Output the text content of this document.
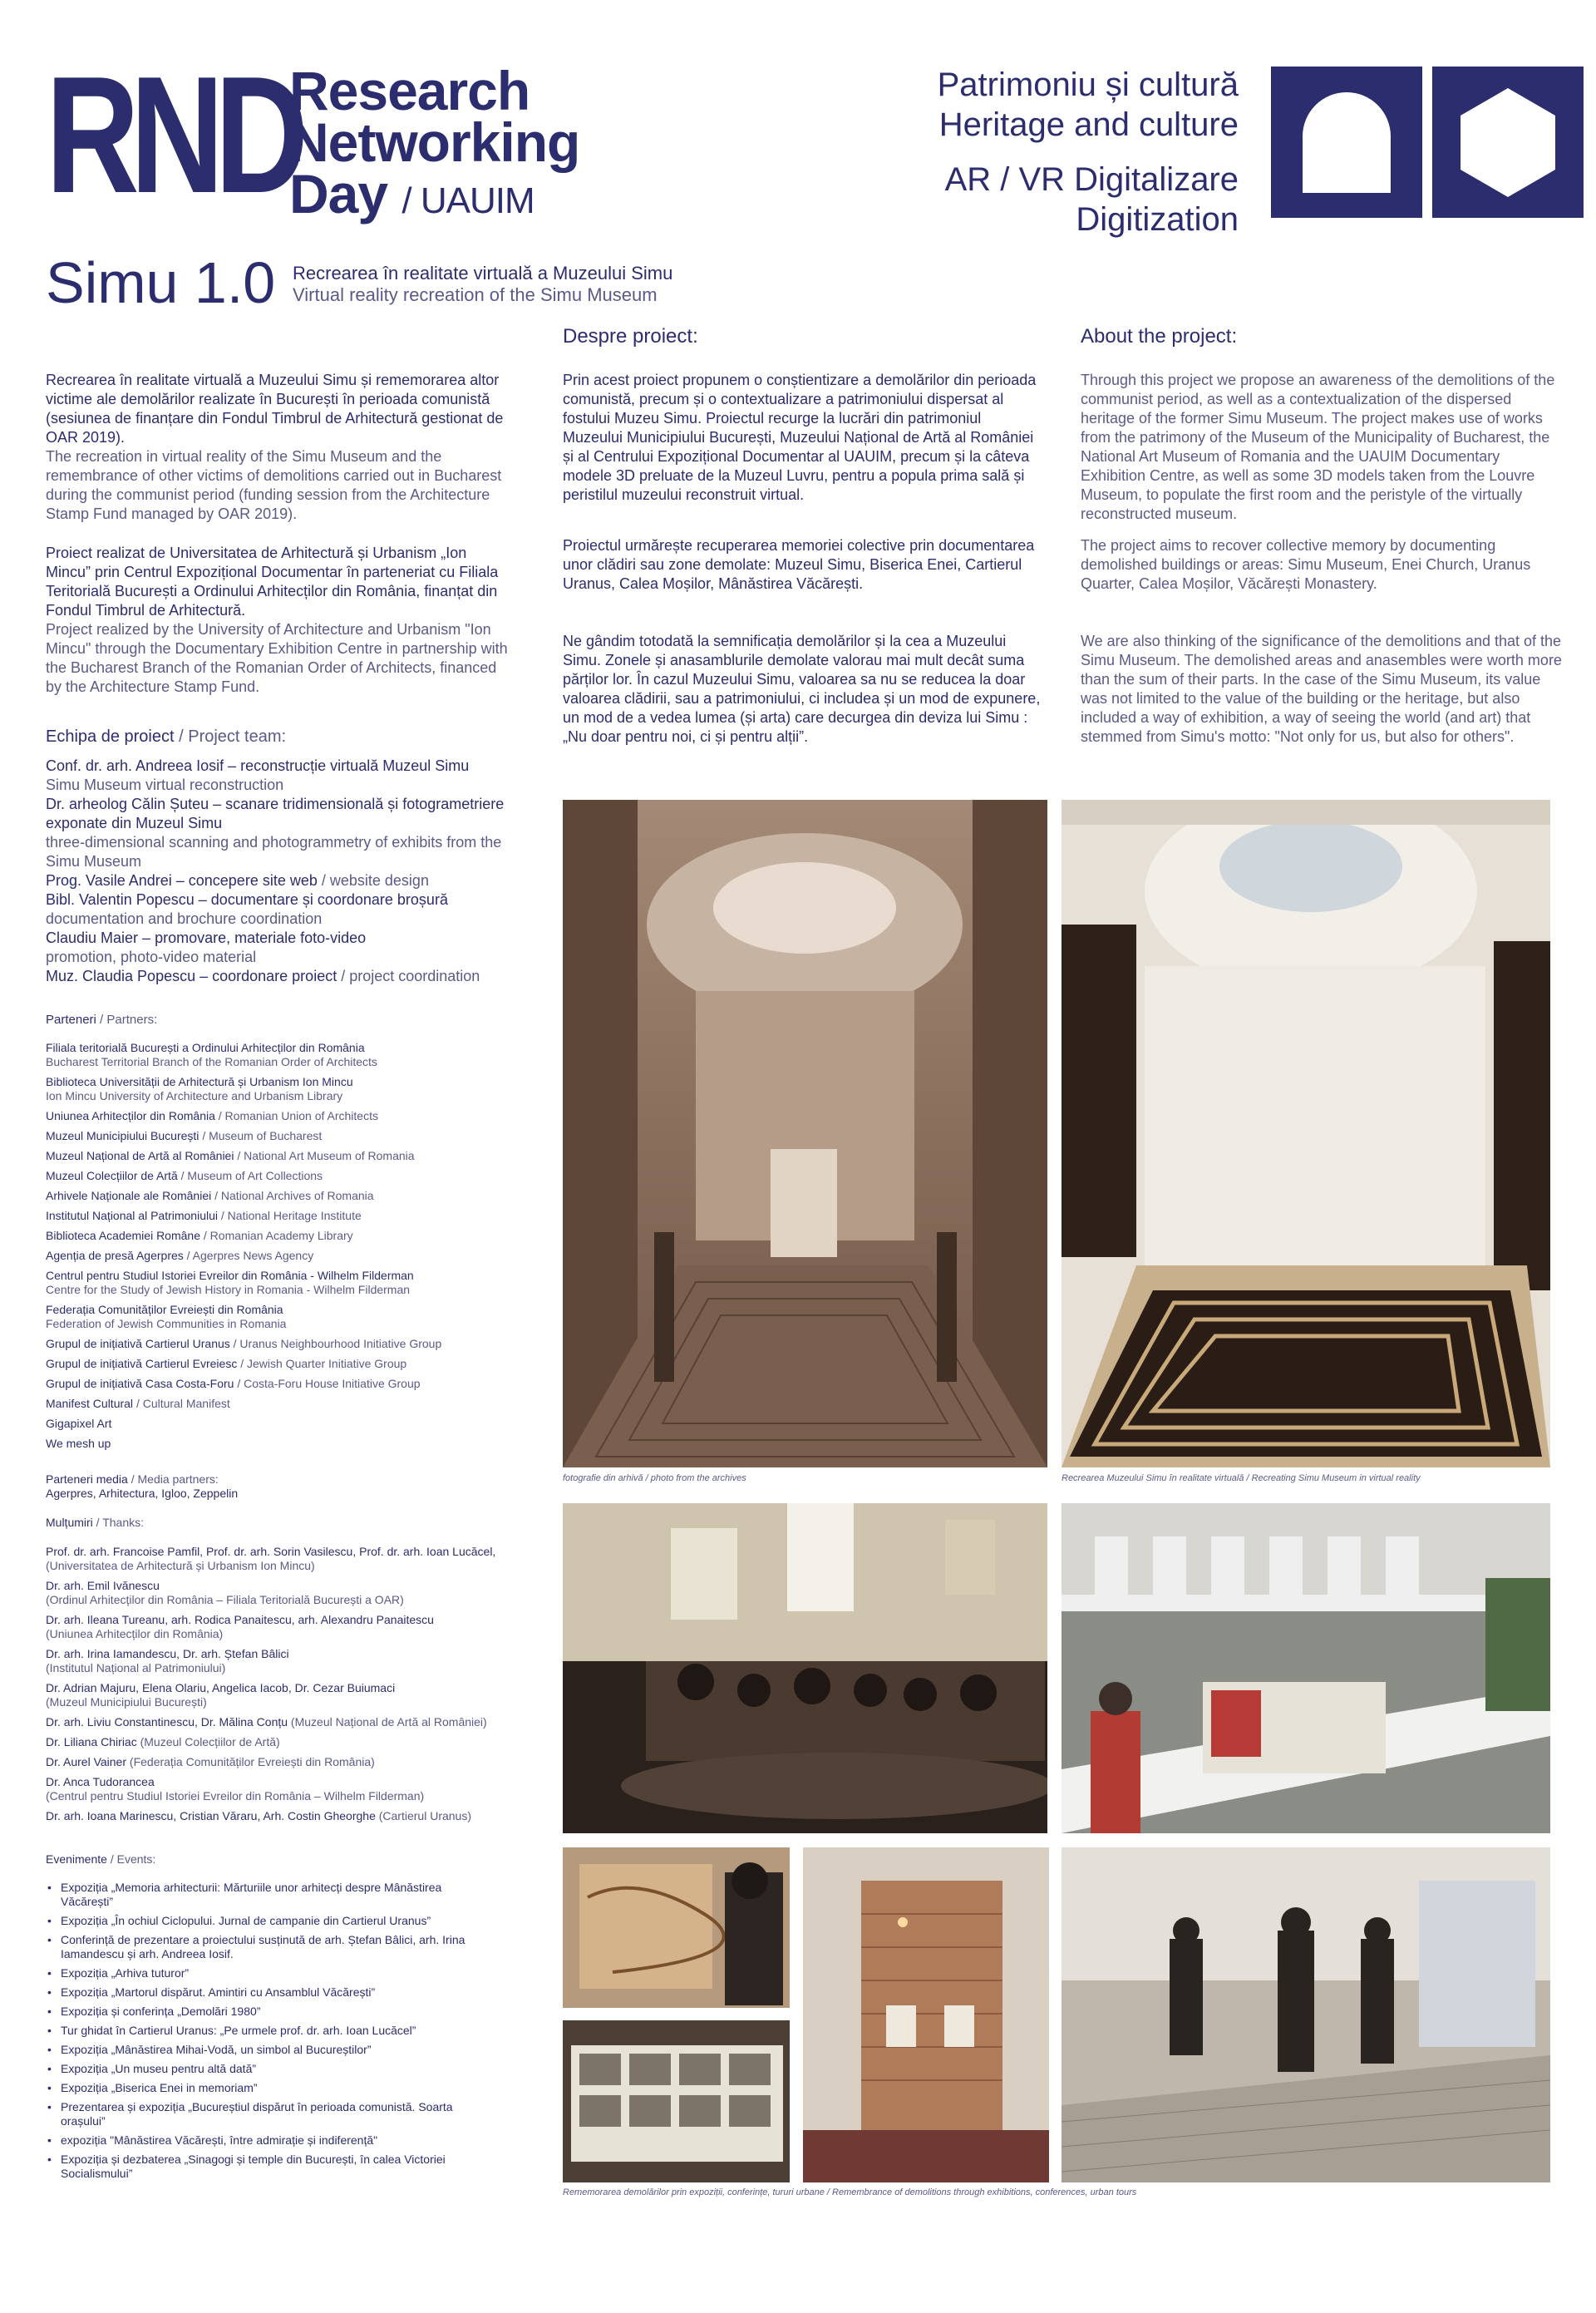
RND
Research
Networking
Day / UAUIM
Patrimoniu și cultură
Heritage and culture
AR / VR Digitalizare
Digitization
Simu 1.0 Recrearea în realitate virtuală a Muzeului Simu
Virtual reality recreation of the Simu Museum
Recrearea în realitate virtuală a Muzeului Simu și rememorarea altor victime ale demolărilor realizate în București în perioada comunistă (sesiunea de finanțare din Fondul Timbrul de Arhitectură gestionat de OAR 2019).
The recreation in virtual reality of the Simu Museum and the remembrance of other victims of demolitions carried out in Bucharest during the communist period (funding session from the Architecture Stamp Fund managed by OAR 2019).
Proiect realizat de Universitatea de Arhitectură și Urbanism „Ion Mincu” prin Centrul Expozițional Documentar în parteneriat cu Filiala Teritorială București a Ordinului Arhitecților din România, finanțat din Fondul Timbrul de Arhitectură.
Project realized by the University of Architecture and Urbanism "Ion Mincu" through the Documentary Exhibition Centre in partnership with the Bucharest Branch of the Romanian Order of Architects, financed by the Architecture Stamp Fund.
Echipa de proiect / Project team:
Conf. dr. arh. Andreea Iosif – reconstrucție virtuală Muzeul Simu
Simu Museum virtual reconstruction
Dr. arheolog Călin Șuteu – scanare tridimensională și fotogrametriere exponate din Muzeul Simu
three-dimensional scanning and photogrammetry of exhibits from the Simu Museum
Prog. Vasile Andrei – concepere site web / website design
Bibl. Valentin Popescu – documentare și coordonare broșură
documentation and brochure coordination
Claudiu Maier – promovare, materiale foto-video
promotion, photo-video material
Muz. Claudia Popescu – coordonare proiect / project coordination
Parteneri / Partners:
Filiala teritorială București a Ordinului Arhitecților din România
Bucharest Territorial Branch of the Romanian Order of Architects
Biblioteca Universității de Arhitectură și Urbanism Ion Mincu
Ion Mincu University of Architecture and Urbanism Library
Uniunea Arhitecților din România / Romanian Union of Architects
Muzeul Municipiului București / Museum of Bucharest
Muzeul Național de Artă al României / National Art Museum of Romania
Muzeul Colecțiilor de Artă / Museum of Art Collections
Arhivele Naționale ale României / National Archives of Romania
Institutul Național al Patrimoniului / National Heritage Institute
Biblioteca Academiei Române / Romanian Academy Library
Agenția de presă Agerpres / Agerpres News Agency
Centrul pentru Studiul Istoriei Evreilor din România - Wilhelm Filderman
Centre for the Study of Jewish History in Romania - Wilhelm Filderman
Federația Comunităților Evreiești din România
Federation of Jewish Communities in Romania
Grupul de inițiativă Cartierul Uranus / Uranus Neighbourhood Initiative Group
Grupul de inițiativă Cartierul Evreiesc / Jewish Quarter Initiative Group
Grupul de inițiativă Casa Costa-Foru / Costa-Foru House Initiative Group
Manifest Cultural / Cultural Manifest
Gigapixel Art
We mesh up
Parteneri media / Media partners:
Agerpres, Arhitectura, Igloo, Zeppelin
Mulțumiri / Thanks:
Prof. dr. arh. Francoise Pamfil, Prof. dr. arh. Sorin Vasilescu, Prof. dr. arh. Ioan Lucăcel, (Universitatea de Arhitectură și Urbanism Ion Mincu)
Dr. arh. Emil Ivănescu
(Ordinul Arhitecților din România – Filiala Teritorială București a OAR)
Dr. arh. Ileana Tureanu, arh. Rodica Panaitescu, arh. Alexandru Panaitescu
(Uniunea Arhitecților din România)
Dr. arh. Irina Iamandescu, Dr. arh. Ștefan Bâlici
(Institutul Național al Patrimoniului)
Dr. Adrian Majuru, Elena Olariu, Angelica Iacob, Dr. Cezar Buiumaci
(Muzeul Municipiului București)
Dr. arh. Liviu Constantinescu, Dr. Mălina Conțu (Muzeul Național de Artă al României)
Dr. Liliana Chiriac (Muzeul Colecțiilor de Artă)
Dr. Aurel Vainer (Federația Comunităților Evreiești din România)
Dr. Anca Tudorancea
(Centrul pentru Studiul Istoriei Evreilor din România – Wilhelm Filderman)
Dr. arh. Ioana Marinescu, Cristian Văraru, Arh. Costin Gheorghe (Cartierul Uranus)
Evenimente / Events:
• Expoziția „Memoria arhitecturii: Mărturiile unor arhitecți despre Mânăstirea Văcărești”
• Expoziția „În ochiul Ciclopului. Jurnal de campanie din Cartierul Uranus”
• Conferință de prezentare a proiectului susținută de arh. Ștefan Bâlici, arh. Irina Iamandescu și arh. Andreea Iosif.
• Expoziția „Arhiva tuturor”
• Expoziția „Martorul dispărut. Amintiri cu Ansamblul Văcărești”
• Expoziția și conferința „Demolări 1980”
• Tur ghidat în Cartierul Uranus: „Pe urmele prof. dr. arh. Ioan Lucăcel”
• Expoziția „Mânăstirea Mihai-Vodă, un simbol al Bucureștilor”
• Expoziția „Un museu pentru altă dată”
• Expoziția „Biserica Enei in memoriam”
• Prezentarea și expoziția „Bucureștiul dispărut în perioada comunistă. Soarta orașului”
• expoziția "Mânăstirea Văcărești, între admirație și indiferență"
• Expoziția și dezbaterea „Sinagogi și temple din București, în calea Victoriei Socialismului”
Despre proiect:
Prin acest proiect propunem o conștientizare a demolărilor din perioada comunistă, precum și o contextualizare a patrimoniului dispersat al fostului Muzeu Simu. Proiectul recurge la lucrări din patrimoniul Muzeului Municipiului București, Muzeului Național de Artă al României și al Centrului Expozițional Documentar al UAUIM, precum și la câteva modele 3D preluate de la Muzeul Luvru, pentru a popula prima sală și peristilul muzeului reconstruit virtual.
Proiectul urmărește recuperarea memoriei colective prin documentarea unor clădiri sau zone demolate: Muzeul Simu, Biserica Enei, Cartierul Uranus, Calea Moșilor, Mânăstirea Văcărești.
Ne gândim totodată la semnificația demolărilor și la cea a Muzeului Simu. Zonele și anasamblurile demolate valorau mai mult decât suma părților lor. În cazul Muzeului Simu, valoarea sa nu se reducea la doar valoarea clădirii, sau a patrimoniului, ci includea și un mod de expunere, un mod de a vedea lumea (și arta) care decurgea din deviza lui Simu :„Nu doar pentru noi, ci și pentru alții”.
About the project:
Through this project we propose an awareness of the demolitions of the communist period, as well as a contextualization of the dispersed heritage of the former Simu Museum. The project makes use of works from the patrimony of the Museum of the Municipality of Bucharest, the National Art Museum of Romania and the UAUIM Documentary Exhibition Centre, as well as some 3D models taken from the Louvre Museum, to populate the first room and the peristyle of the virtually reconstructed museum.
The project aims to recover collective memory by documenting demolished buildings or areas: Simu Museum, Enei Church, Uranus Quarter, Calea Moșilor, Văcărești Monastery.
We are also thinking of the significance of the demolitions and that of the Simu Museum. The demolished areas and anasembles were worth more than the sum of their parts. In the case of the Simu Museum, its value was not limited to the value of the building or the heritage, but also included a way of exhibition, a way of seeing the world (and art) that stemmed from Simu's motto: "Not only for us, but also for others".
fotografie din arhivă / photo from the archives	Recrearea Muzeului Simu în realitate virtuală / Recreating Simu Museum in virtual reality
Rememorarea demolărilor prin expoziții, conferințe, tururi urbane / Remembrance of demolitions through exhibitions, conferences, urban tours
